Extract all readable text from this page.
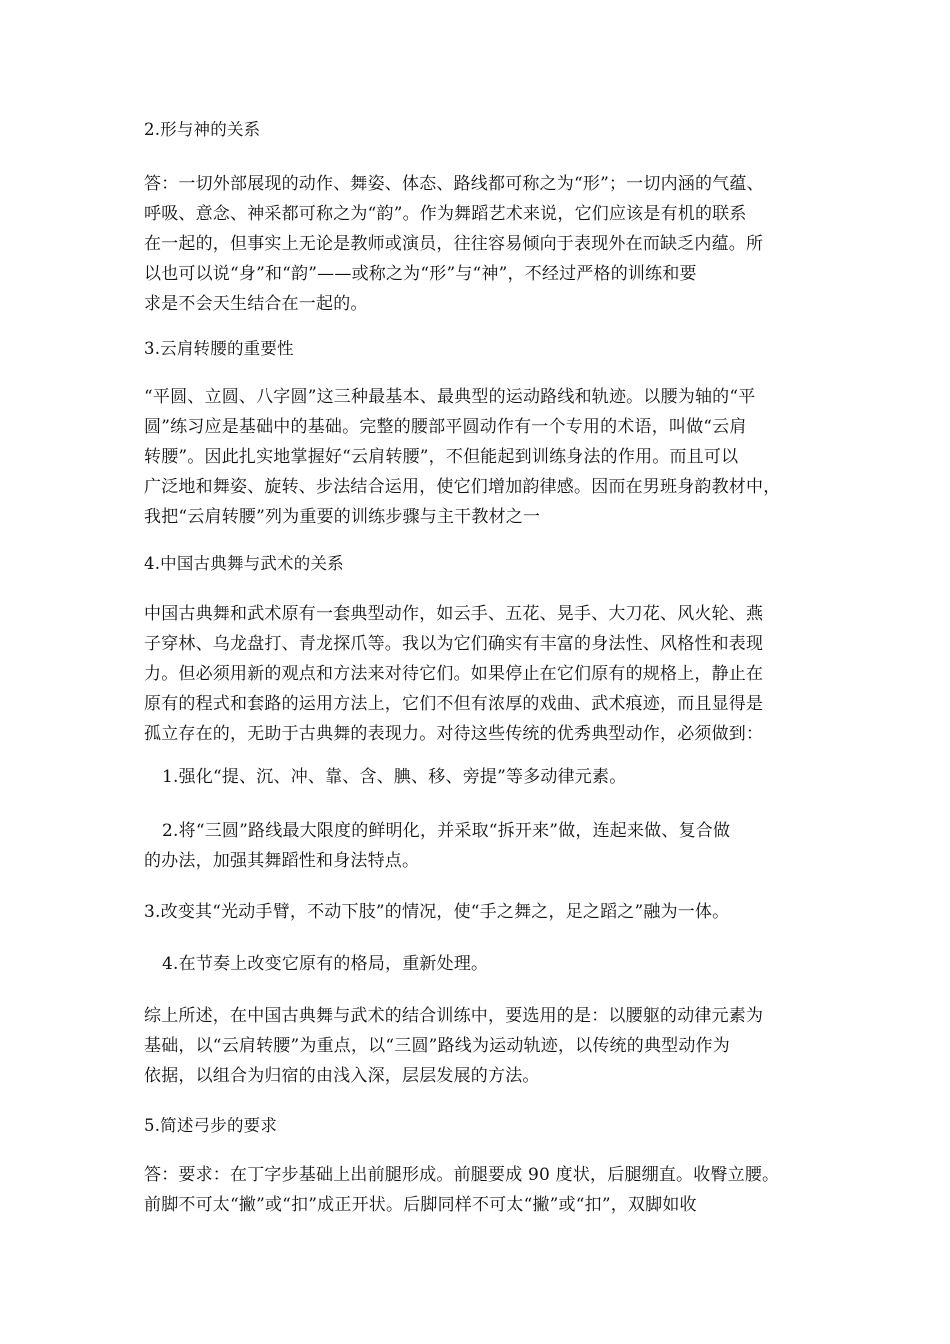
2.形与神的关系

答：一切外部展现的动作、舞姿、体态、路线都可称之为“形”；一切内涵的气蕴、
呼吸、意念、神采都可称之为“韵”。作为舞蹈艺术来说，它们应该是有机的联系
在一起的，但事实上无论是教师或演员，往往容易倾向于表现外在而缺乏内蕴。所
以也可以说“身”和“韵”——或称之为“形”与“神”，不经过严格的训练和要
求是不会天生结合在一起的。

3.云肩转腰的重要性

“平圆、立圆、八字圆”这三种最基本、最典型的运动路线和轨迹。以腰为轴的“平
圆”练习应是基础中的基础。完整的腰部平圆动作有一个专用的术语，叫做“云肩
转腰”。因此扎实地掌握好“云肩转腰”，不但能起到训练身法的作用。而且可以
广泛地和舞姿、旋转、步法结合运用，使它们增加韵律感。因而在男班身韵教材中，
我把“云肩转腰”列为重要的训练步骤与主干教材之一

4.中国古典舞与武术的关系

中国古典舞和武术原有一套典型动作，如云手、五花、晃手、大刀花、风火轮、燕
子穿林、乌龙盘打、青龙探爪等。我以为它们确实有丰富的身法性、风格性和表现
力。但必须用新的观点和方法来对待它们。如果停止在它们原有的规格上，静止在
原有的程式和套路的运用方法上，它们不但有浓厚的戏曲、武术痕迹，而且显得是
孤立存在的，无助于古典舞的表现力。对待这些传统的优秀典型动作，必须做到：

1.强化“提、沉、冲、靠、含、腆、移、旁提”等多动律元素。

2.将“三圆”路线最大限度的鲜明化，并采取“拆开来”做，连起来做、复合做
的办法，加强其舞蹈性和身法特点。

3.改变其“光动手臂，不动下肢”的情况，使“手之舞之，足之蹈之”融为一体。

4.在节奏上改变它原有的格局，重新处理。

综上所述，在中国古典舞与武术的结合训练中，要选用的是：以腰躯的动律元素为
基础，以“云肩转腰”为重点，以“三圆”路线为运动轨迹，以传统的典型动作为
依据，以组合为归宿的由浅入深，层层发展的方法。

5.简述弓步的要求

答：要求：在丁字步基础上出前腿形成。前腿要成 90 度状，后腿绷直。收臀立腰。
前脚不可太“撇”或“扣”成正开状。后脚同样不可太“撇”或“扣”，双脚如收
